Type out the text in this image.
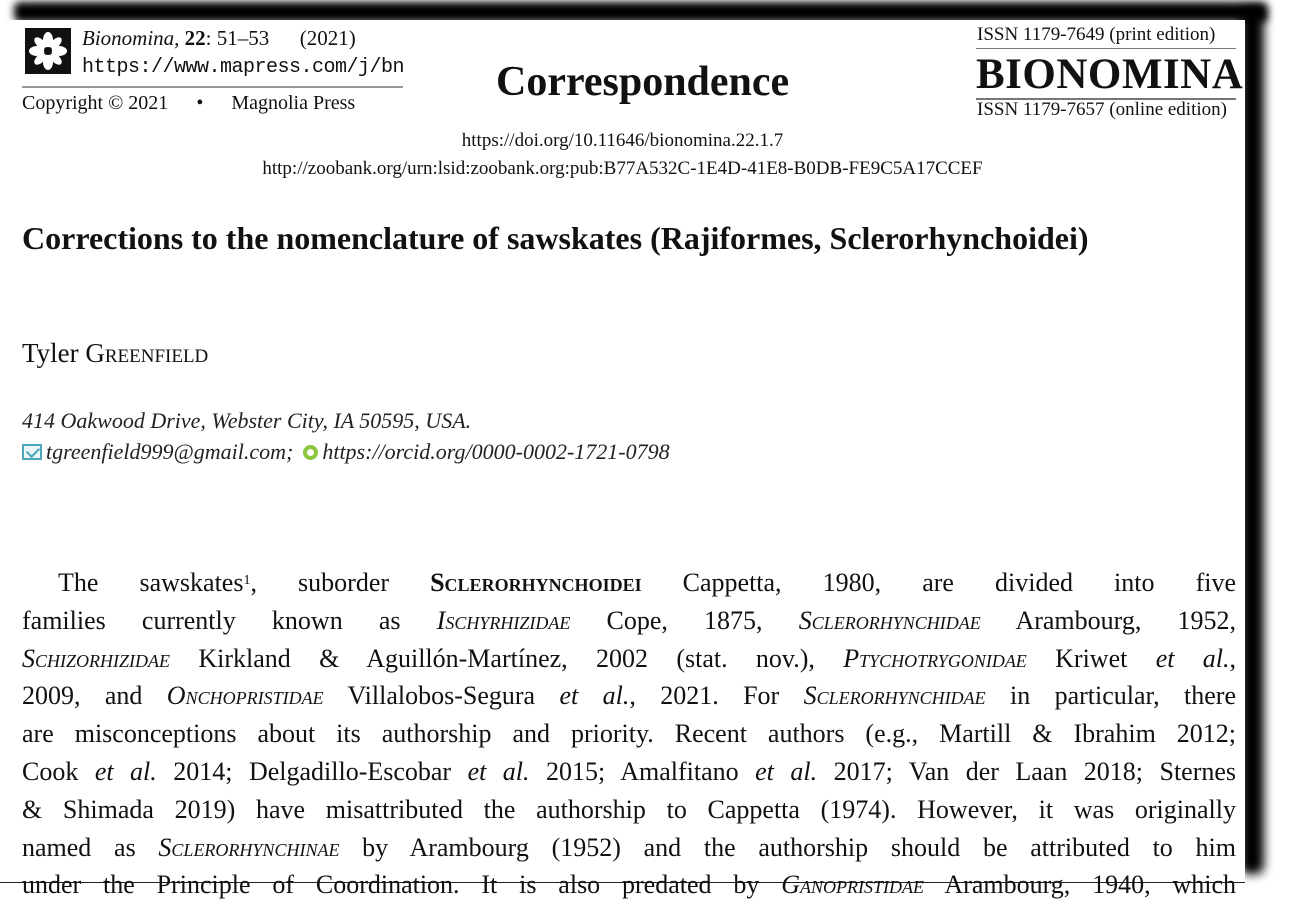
Bionomina, 22: 51–53 (2021)
https://www.mapress.com/j/bn
Copyright © 2021 • Magnolia Press	Correspondence
ISSN 1179-7649 (print edition)
BIONOMINA
ISSN 1179-7657 (online edition)
https://doi.org/10.11646/bionomina.22.1.7
http://zoobank.org/urn:lsid:zoobank.org:pub:B77A532C-1E4D-41E8-B0DB-FE9C5A17CCEF
Corrections to the nomenclature of sawskates (Rajiformes, Sclerorhynchoidei)
Tyler Greenfield
414 Oakwood Drive, Webster City, IA 50595, USA.
tgreenfield999@gmail.com; https://orcid.org/0000-0002-1721-0798
The sawskates$^1$, suborder Sclerorhynchoidei Cappetta, 1980, are divided into five
families currently known as Ischyrhizidae Cope, 1875, Sclerorhynchidae Arambourg, 1952,
Schizorhizidae Kirkland & Aguillón-Martínez, 2002 (stat. nov.), Ptychotrygonidae Kriwet et al.,
2009, and Onchopristidae Villalobos-Segura et al., 2021. For Sclerorhynchidae in particular, there
are misconceptions about its authorship and priority. Recent authors (e.g., Martill & Ibrahim 2012;
Cook et al. 2014; Delgadillo-Escobar et al. 2015; Amalfitano et al. 2017; Van der Laan 2018; Sternes
& Shimada 2019) have misattributed the authorship to Cappetta (1974). However, it was originally
named as Sclerorhynchinae by Arambourg (1952) and the authorship should be attributed to him
under the Principle of Coordination. It is also predated by Ganopristidae Arambourg, 1940, which
